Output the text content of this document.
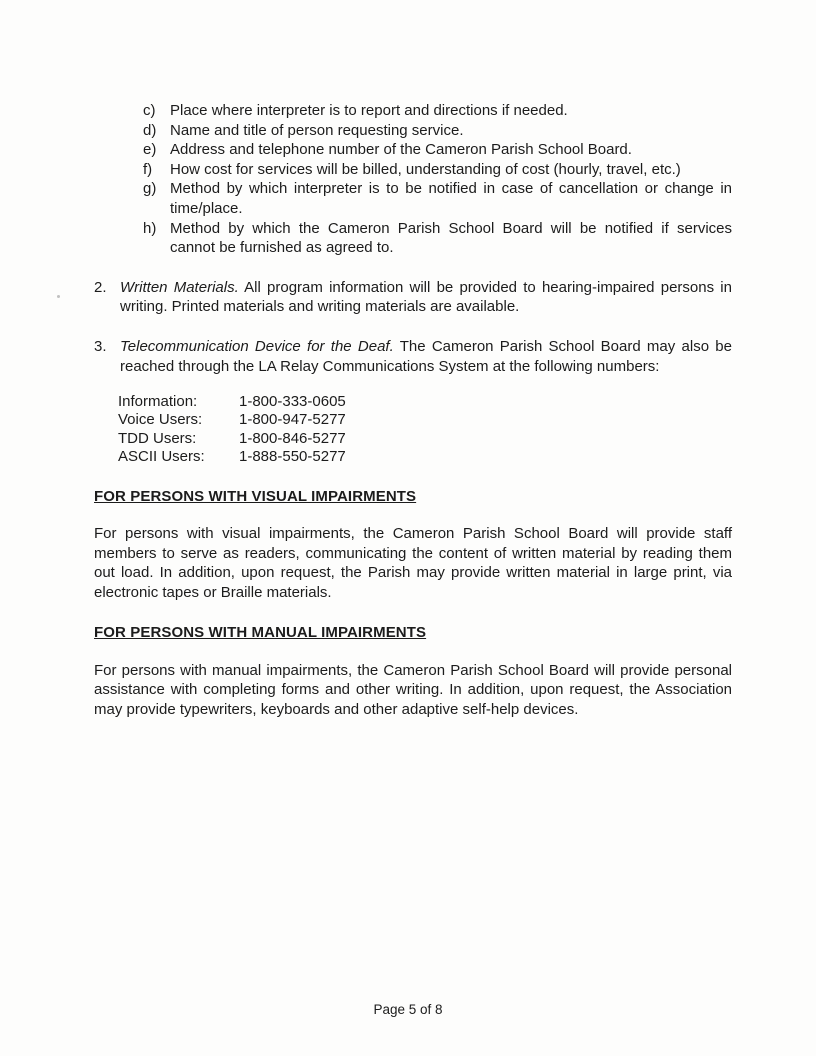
c) Place where interpreter is to report and directions if needed.
d) Name and title of person requesting service.
e) Address and telephone number of the Cameron Parish School Board.
f)	How cost for services will be billed, understanding of cost (hourly, travel, etc.)
g) Method by which interpreter is to be notified in case of cancellation or change in time/place.
h) Method by which the Cameron Parish School Board will be notified if services cannot be furnished as agreed to.
2. Written Materials. All program information will be provided to hearing-impaired persons in writing. Printed materials and writing materials are available.
3. Telecommunication Device for the Deaf. The Cameron Parish School Board may also be reached through the LA Relay Communications System at the following numbers:
Information:	1-800-333-0605
Voice Users:	1-800-947-5277
TDD Users:	1-800-846-5277
ASCII Users:	1-888-550-5277
FOR PERSONS WITH VISUAL IMPAIRMENTS
For persons with visual impairments, the Cameron Parish School Board will provide staff members to serve as readers, communicating the content of written material by reading them out load. In addition, upon request, the Parish may provide written material in large print, via electronic tapes or Braille materials.
FOR PERSONS WITH MANUAL IMPAIRMENTS
For persons with manual impairments, the Cameron Parish School Board will provide personal assistance with completing forms and other writing. In addition, upon request, the Association may provide typewriters, keyboards and other adaptive self-help devices.
Page 5 of 8
